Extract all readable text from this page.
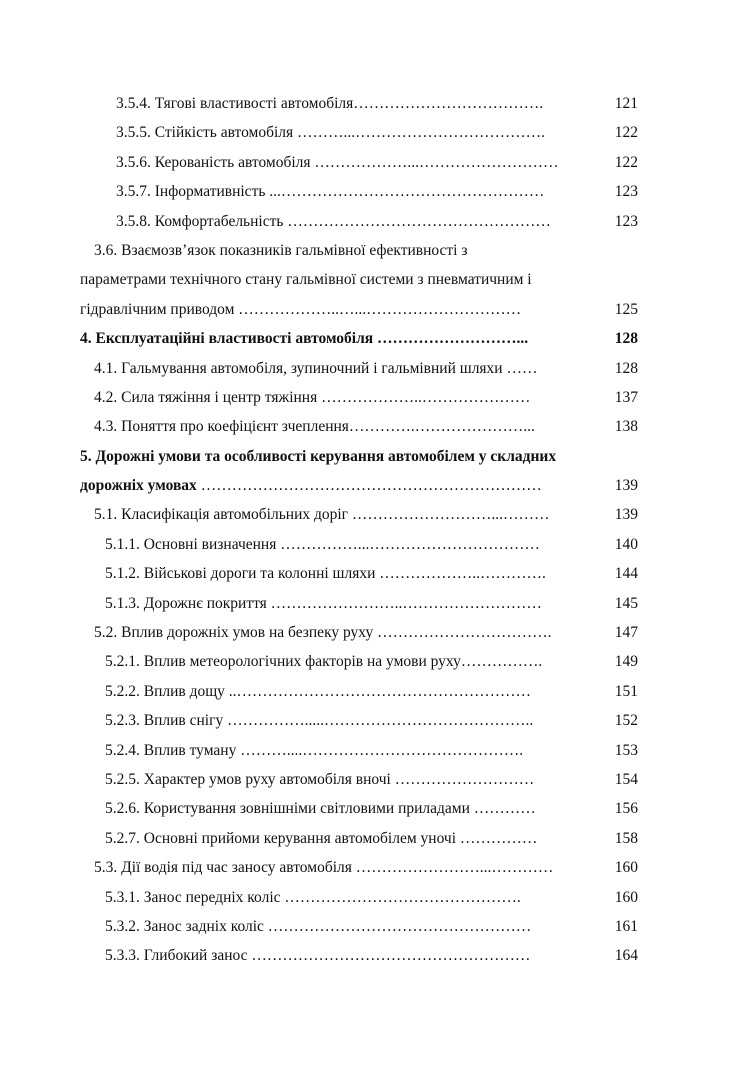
3.5.4. Тягові властивості автомобіля……………………………….	121
3.5.5. Стійкість автомобіля ………...……………………………….	122
3.5.6. Керованість автомобіля ………………...………………………	122
3.5.7. Інформативність ...……………………………………………	123
3.5.8. Комфортабельність ……………………………………………	123
3.6. Взаємозв’язок показників гальмівної ефективності з
параметрами технічного стану гальмівної системи з пневматичним і
гідравлічним приводом ………………..…...…………………………	125
4. Експлуатаційні властивості автомобіля ………………………...	128
4.1. Гальмування автомобіля, зупиночний і гальмівний шляхи ……	128
4.2. Сила тяжіння і центр тяжіння ………………..…………………	137
4.3. Поняття про коефіцієнт зчеплення………….…………………...	138
5. Дорожні умови та особливості керування автомобілем у складних
дорожніх умовах …………………………………………………………	139
5.1. Класифікація автомобільних доріг ………………………...………	139
5.1.1. Основні визначення ……………...……………………………	140
5.1.2. Військові дороги та колонні шляхи ………………..………….	144
5.1.3. Дорожнє покриття ……………………..………………………	145
5.2. Вплив дорожніх умов на безпеку руху …………………………….	147
5.2.1. Вплив метеорологічних факторів на умови руху…………….	149
5.2.2. Вплив дощу ..…………………………………………………	151
5.2.3. Вплив снігу …………….....…………………………………..	152
5.2.4. Вплив туману ………....…………………………………….	153
5.2.5. Характер умов руху автомобіля вночі ………………………	154
5.2.6. Користування зовнішніми світловими приладами …………	156
5.2.7. Основні прийоми керування автомобілем уночі ……………	158
5.3. Дії водія під час заносу автомобіля ……………………...…………	160
5.3.1. Занос передніх коліс ……………………………………….	160
5.3.2. Занос задніх коліс ……………………………………………	161
5.3.3. Глибокий занос ………………………………………………	164
